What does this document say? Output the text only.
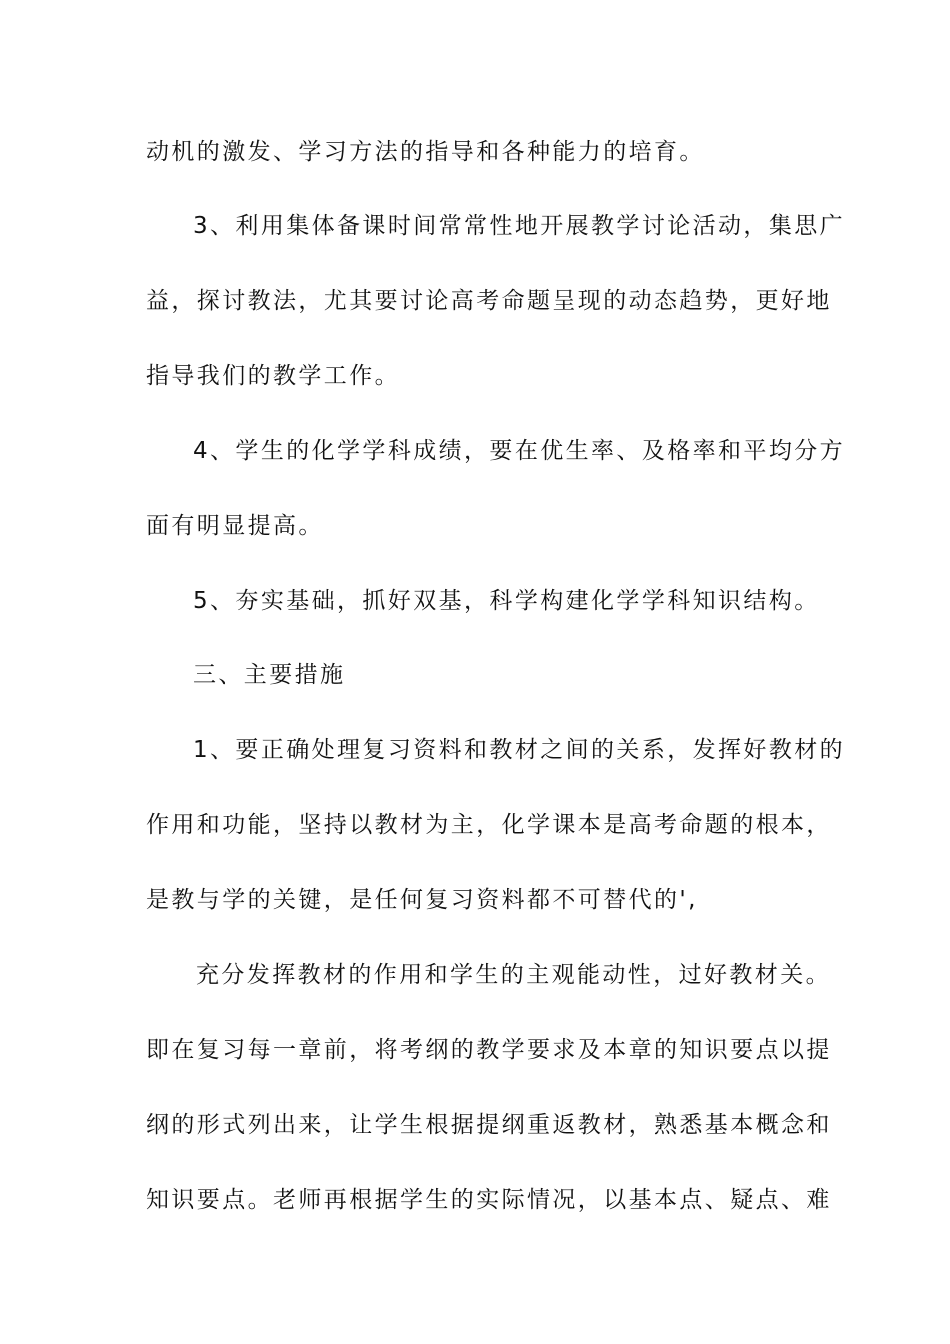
动机的激发、学习方法的指导和各种能力的培育。
3、利用集体备课时间常常性地开展教学讨论活动，集思广
益，探讨教法，尤其要讨论高考命题呈现的动态趋势，更好地
指导我们的教学工作。
4、学生的化学学科成绩，要在优生率、及格率和平均分方
面有明显提高。
5、夯实基础，抓好双基，科学构建化学学科知识结构。
三、主要措施
1、要正确处理复习资料和教材之间的关系，发挥好教材的
作用和功能，坚持以教材为主，化学课本是高考命题的根本，
是教与学的关键，是任何复习资料都不可替代的',
充分发挥教材的作用和学生的主观能动性，过好教材关。
即在复习每一章前，将考纲的教学要求及本章的知识要点以提
纲的形式列出来，让学生根据提纲重返教材，熟悉基本概念和
知识要点。老师再根据学生的实际情况，以基本点、疑点、难
